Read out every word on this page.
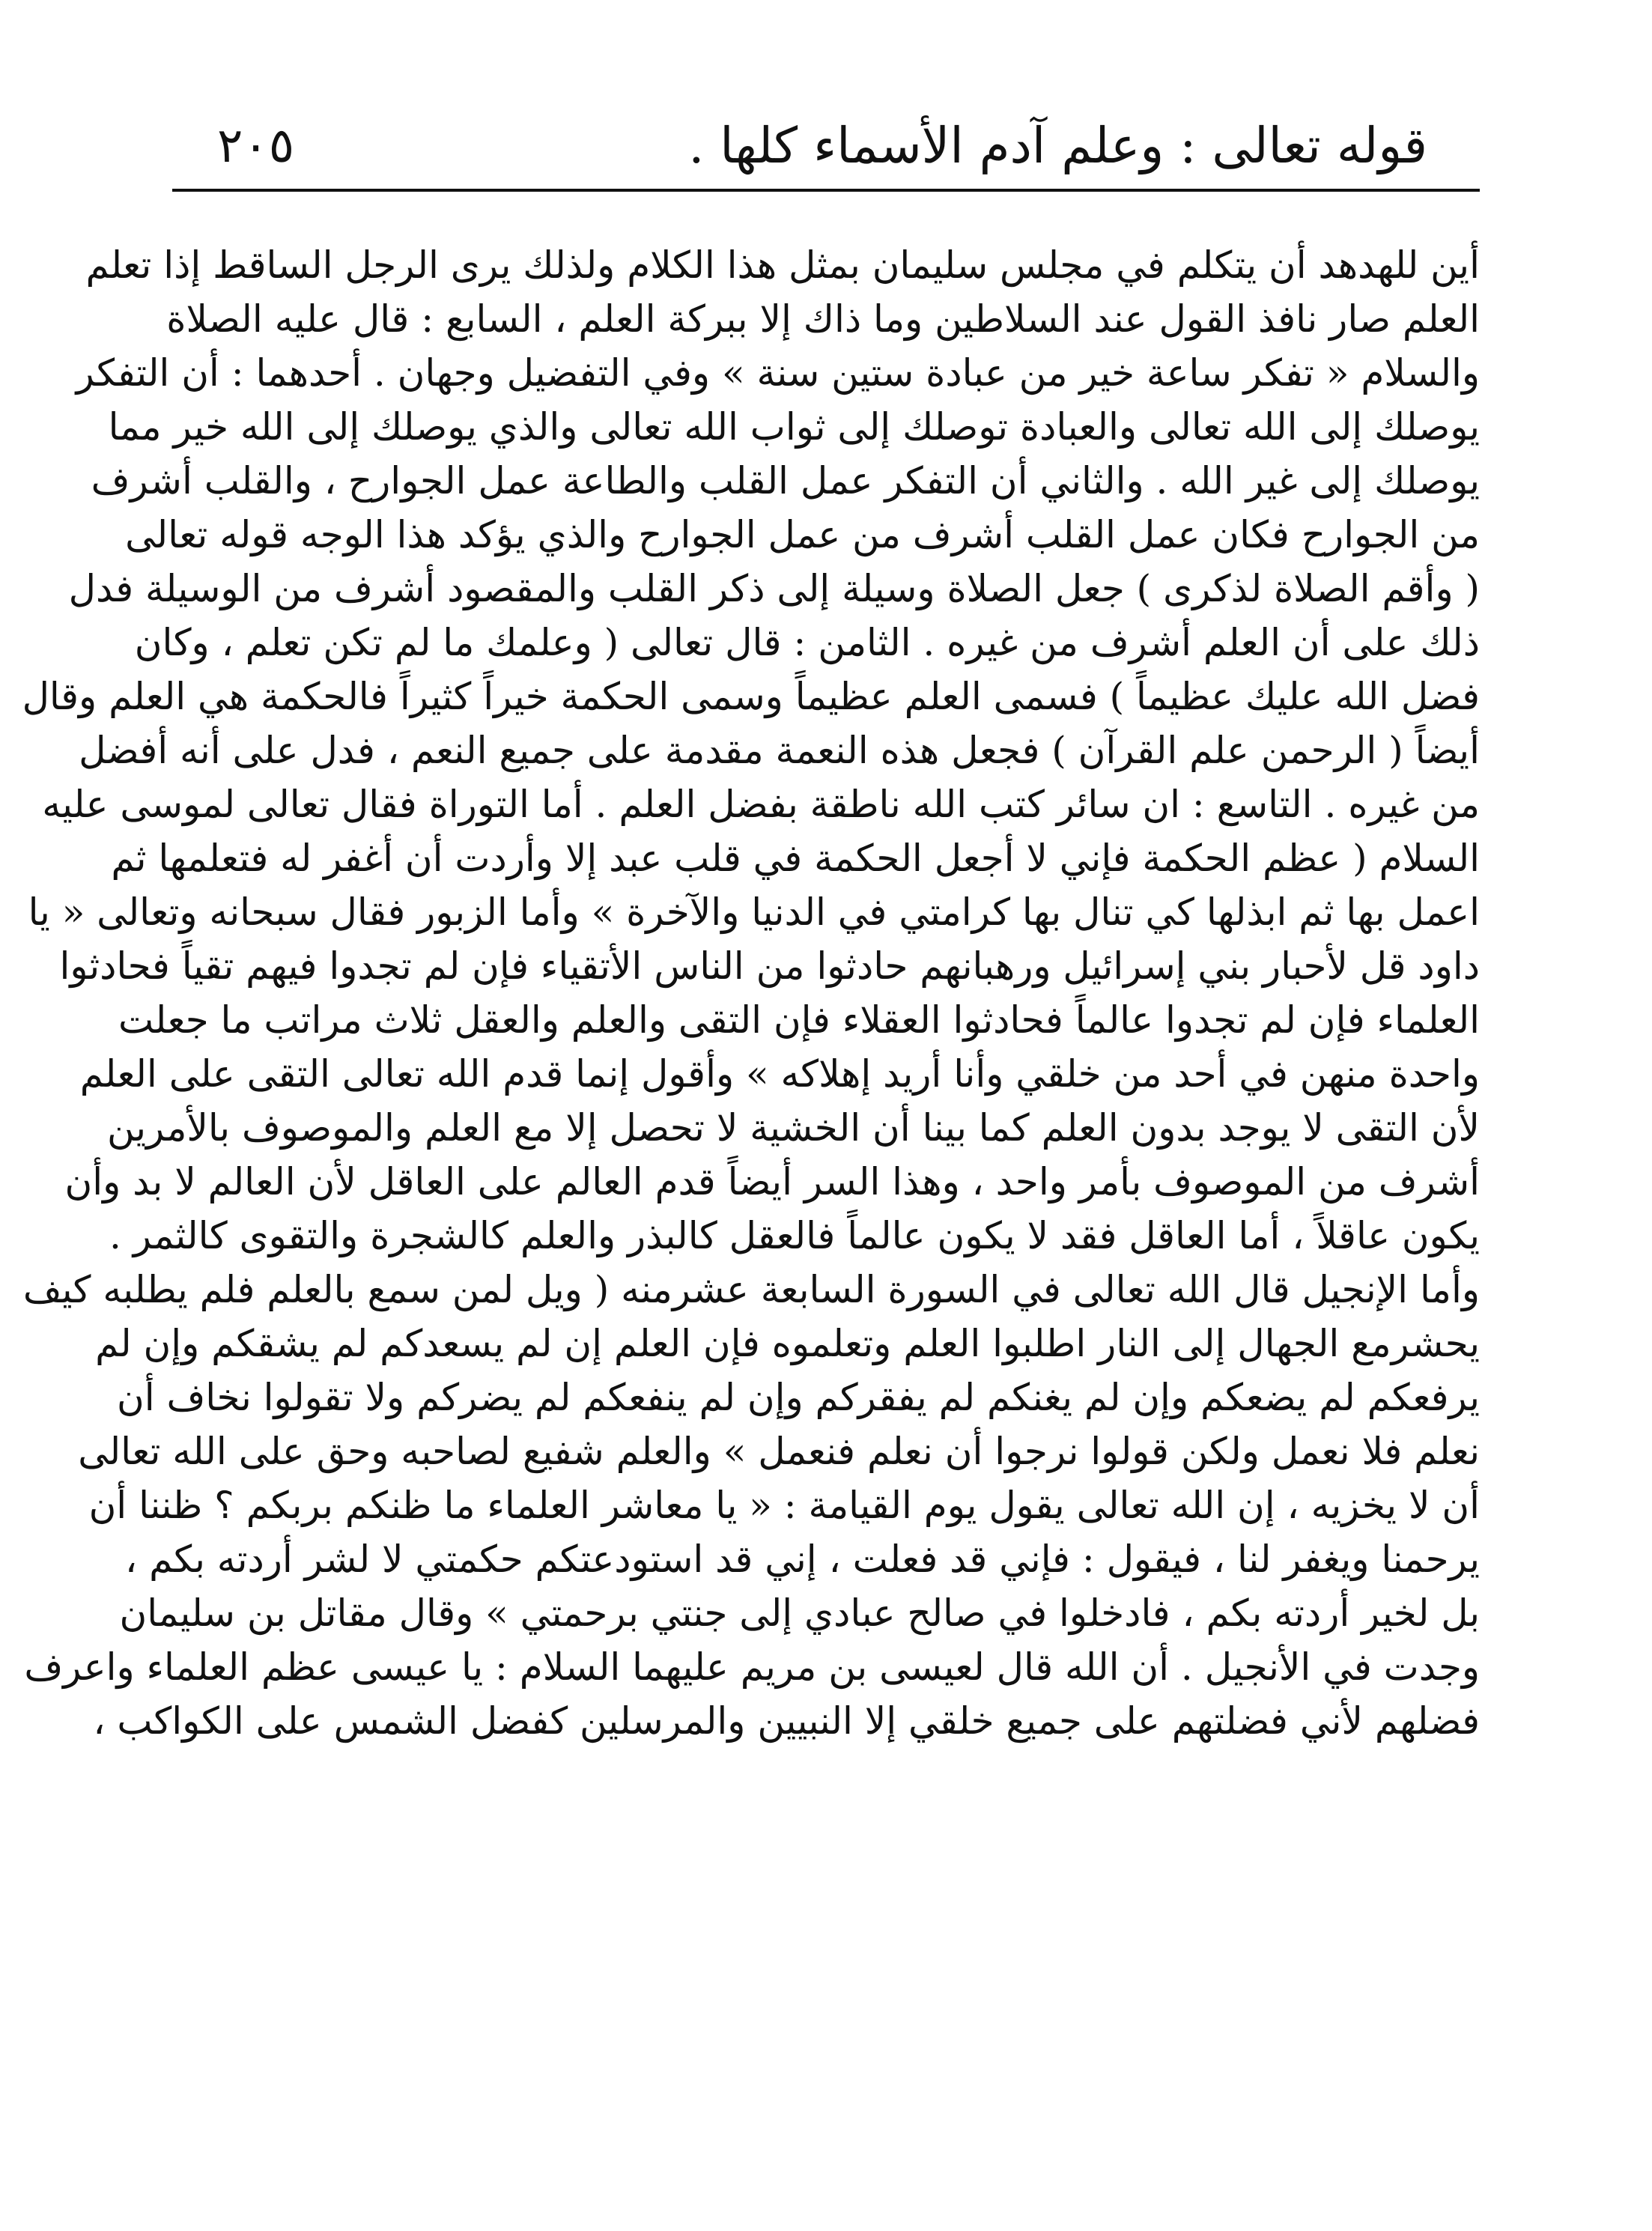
قوله تعالى : وعلم آدم الأسماء كلها .
٢٠٥
أين للهدهد أن يتكلم في مجلس سليمان بمثل هذا الكلام ولذلك يرى الرجل الساقط إذا تعلم
العلم صار نافذ القول عند السلاطين وما ذاك إلا ببركة العلم ، السابع : قال عليه الصلاة
والسلام « تفكر ساعة خير من عبادة ستين سنة » وفي التفضيل وجهان . أحدهما : أن التفكر
يوصلك إلى الله تعالى والعبادة توصلك إلى ثواب الله تعالى والذي يوصلك إلى الله خير مما
يوصلك إلى غير الله . والثاني أن التفكر عمل القلب والطاعة عمل الجوارح ، والقلب أشرف
من الجوارح فكان عمل القلب أشرف من عمل الجوارح والذي يؤكد هذا الوجه قوله تعالى
( وأقم الصلاة لذكرى ) جعل الصلاة وسيلة إلى ذكر القلب والمقصود أشرف من الوسيلة فدل
ذلك على أن العلم أشرف من غيره . الثامن : قال تعالى ( وعلمك ما لم تكن تعلم ، وكان
فضل الله عليك عظيماً ) فسمى العلم عظيماً وسمى الحكمة خيراً كثيراً فالحكمة هي العلم وقال
أيضاً ( الرحمن علم القرآن ) فجعل هذه النعمة مقدمة على جميع النعم ، فدل على أنه أفضل
من غيره . التاسع : ان سائر كتب الله ناطقة بفضل العلم . أما التوراة فقال تعالى لموسى عليه
السلام ( عظم الحكمة فإني لا أجعل الحكمة في قلب عبد إلا وأردت أن أغفر له فتعلمها ثم
اعمل بها ثم ابذلها كي تنال بها كرامتي في الدنيا والآخرة » وأما الزبور فقال سبحانه وتعالى « يا
داود قل لأحبار بني إسرائيل ورهبانهم حادثوا من الناس الأتقياء فإن لم تجدوا فيهم تقياً فحادثوا
العلماء فإن لم تجدوا عالماً فحادثوا العقلاء فإن التقى والعلم والعقل ثلاث مراتب ما جعلت
واحدة منهن في أحد من خلقي وأنا أريد إهلاكه » وأقول إنما قدم الله تعالى التقى على العلم
لأن التقى لا يوجد بدون العلم كما بينا أن الخشية لا تحصل إلا مع العلم والموصوف بالأمرين
أشرف من الموصوف بأمر واحد ، وهذا السر أيضاً قدم العالم على العاقل لأن العالم لا بد وأن
يكون عاقلاً ، أما العاقل فقد لا يكون عالماً فالعقل كالبذر والعلم كالشجرة والتقوى كالثمر .
وأما الإنجيل قال الله تعالى في السورة السابعة عشرمنه ( ويل لمن سمع بالعلم فلم يطلبه كيف
يحشرمع الجهال إلى النار اطلبوا العلم وتعلموه فإن العلم إن لم يسعدكم لم يشقكم وإن لم
يرفعكم لم يضعكم وإن لم يغنكم لم يفقركم وإن لم ينفعكم لم يضركم ولا تقولوا نخاف أن
نعلم فلا نعمل ولكن قولوا نرجوا أن نعلم فنعمل » والعلم شفيع لصاحبه وحق على الله تعالى
أن لا يخزيه ، إن الله تعالى يقول يوم القيامة : « يا معاشر العلماء ما ظنكم بربكم ؟ ظننا أن
يرحمنا ويغفر لنا ، فيقول : فإني قد فعلت ، إني قد استودعتكم حكمتي لا لشر أردته بكم ،
بل لخير أردته بكم ، فادخلوا في صالح عبادي إلى جنتي برحمتي » وقال مقاتل بن سليمان
وجدت في الأنجيل . أن الله قال لعيسى بن مريم عليهما السلام : يا عيسى عظم العلماء واعرف
فضلهم لأني فضلتهم على جميع خلقي إلا النبيين والمرسلين كفضل الشمس على الكواكب ،
